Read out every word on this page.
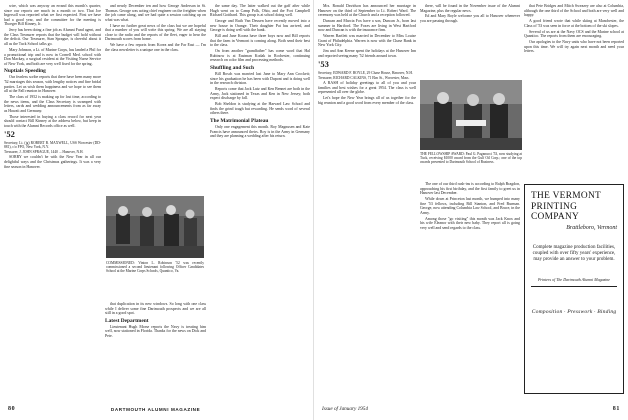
wire, which was anyway an errand this month's quarter, since our reports are much in a month or two. That Joe Ingersoll was reported what we first expected. First we have had a good year, and the committee for the meeting is Thoeger Bill Kinney, Jr.

Jerry has been doing a fine job as Alumni Fund agent, and the Class Treasurer reports that the budget will hold without the deficit. Our Treasurer, Stan Sprague, is cheerful about it all as the Tuck School talks go.

Mary Johnson, a Lt. of Marine Corps, has landed a Phil for a promotional trip and is now in Cornell Med. school with Don Mackay, a surgical resident at the Visiting Nurse Service of New York, and both are very well fixed for the spring.

Nuptials Speeding

Our fearless scribe reports that there have been many more '52 marriages this season, with lengthy notices and fine bridal parties. Let us wish them happiness and we hope to see them all at the Fall reunion in Hanover.

The class of 1952 is making up for lost time, according to the news items, and the Class Secretary is swamped with letters, cards and wedding announcements from as far away as Hawaii and Germany.

Those interested in buying a class record for next year should contact Bill Kinney at the address below, but keep in touch with the Alumni Records office as well.

'52

Secretary, Lt. (jg) ROBERT B. MAXWELL, USS Worcester (DD-881), c/o FPO, New York, N.Y.

Treasurer, J. JOHN SPRAGUE, 1440 ... Hanover, N.H.

SORRY we couldn't be with the New Year in all our delightful ways and the Christmas gatherings. It was a very fine season in Hanover.

and nearly December ten and how George Anderson in St. Thomas. George was acting chief engineer on the freighter when the job came along, and we had quite a session catching up on what was what.

I have no further great news of the class but we are hopeful that a number of you will write this spring. We are all staying close to the radio and the reports of the fleet, eager to hear the Dartmouth scores from home.

We have a few reports from Korea and the Far East — I'm the class newsletter is a unique one in the class.

COMMISSIONED: Vinton L. Robinson '52 was recently commissioned a second lieutenant following Officer Candidates School at the Marine Corps Schools, Quantico, Va.

that duplication in its new windows. So long with one class while I deliver some fine Dartmouth prospects and we are all still in a good spot.

Latest Department

Lieutenant Hugh Morse reports the Navy is treating him well, now stationed in Florida. Thanks for the news on Dick and Pete.

the same day. The latter walked out the gaff after while Hugh went on to Camp Polk, Ohio, and the Fort Campbell Richard Gotthard. This group is at school doing well.

George and Ruth Van Deusen have recently moved into a new house in Orange. Their daughter Pat has arrived, and George is doing well with the bank.

Bill and Jane Koonz have three boys now and Bill reports that the farm in Vermont is coming along. Both send their best to the class.

On from another "grandfather" has come word that Hal Rubinow is at Eastman Kodak in Rochester, continuing research on color film and processing methods.

Shuffling and Such

Bill Bosch was married last June to Mary Ann Crockett; since his graduation he has been with Dupont and is doing well in the research division.

Reports come that Jack Lutz and Ken Bennet are both in the Army, Jack stationed in Texas and Ken in New Jersey; both expect discharge by fall.

Bob Sheldon is studying at the Harvard Law School and finds the grind tough but rewarding. He sends word of several others there.

The Matrimonial Plateau

Only one engagement this month. Roy Magnusen and Kate Francis have announced theirs. Roy is in the Army in Germany and they are planning a wedding after his return.

Mrs. Ronald Davidson has announced her marriage in Hanover on the third of September to Lt. Robert Ward. The ceremony was held at the Church and a reception followed.

Duncan and Marcia Fox have a son, Duncan Jr., born last summer in Hartford. The Foxes are living in West Hartford now and Duncan is with the insurance firm.

Warren Bartlett was married in December to Miss Louise Grant of Philadelphia. Warren is now with the Chase Bank in New York City.

Jim and Ann Keene spent the holidays at the Hanover Inn and reported seeing many '52 friends around town.

'53

Secretary, EDWARD F. BOYLE, 29 Chase House, Hanover, N.H.

Treasurer, RICHARD CALKINS, 71 Elm St., Worcester, Mass.

A RASH of holiday greetings to all of you and your families and best wishes for a great 1954. The class is well represented all over the globe.

Let's hope the New Year brings all of us together for the big reunion and a good word from every member of the class.

there, will be found in the November issue of the Alumni Magazine, plus the regular news.

Ed and Mary Boyle welcome you all to Hanover whenever you are passing through.

THE FELLOWSHIP AWARD: Paul G. Paganucci '53, now studying at Tuck, receiving $1000 award from the Gulf Oil Corp.; one of the top awards presented to Dartmouth School of Business.

The one of our third rush-ins is according to Ralph Bragdon, approaching his first birthday, and the first family to greet us in Hanover last December.

While down at Princeton last month, we bumped into many fine '53 fellows, including Bill Stanton, and Fred Burman. George, now attending Columbia Law School, and Bruce, in the Army.

Among those "go visiting" this month was Jack Knox and his wife Eleanor with their new baby. They report all is going very well and send regards to the class.

that Pete Bridges and Mitch Sweazey are also at Columbia, although the one third of the School and both are very well and happy.

A good friend wrote that while skiing at Manchester, the Class of '53 was seen in force at the bottom of the ski slopes.

Several of us are at the Navy OCS and the Marine school at Quantico. The reports from them are encouraging.

Our apologies to the Navy units who have not been reported upon this time. We will try again next month and need your letters.

THE VERMONT PRINTING COMPANY
Brattleboro, Vermont
Complete magazine production facilities, coupled with over fifty years' experience, may provide an answer to your problem.
Printers of The Dartmouth Alumni Magazine
Composition · Presswork · Binding
80	DARTMOUTH ALUMNI MAGAZINE	Issue of January 1954	81
